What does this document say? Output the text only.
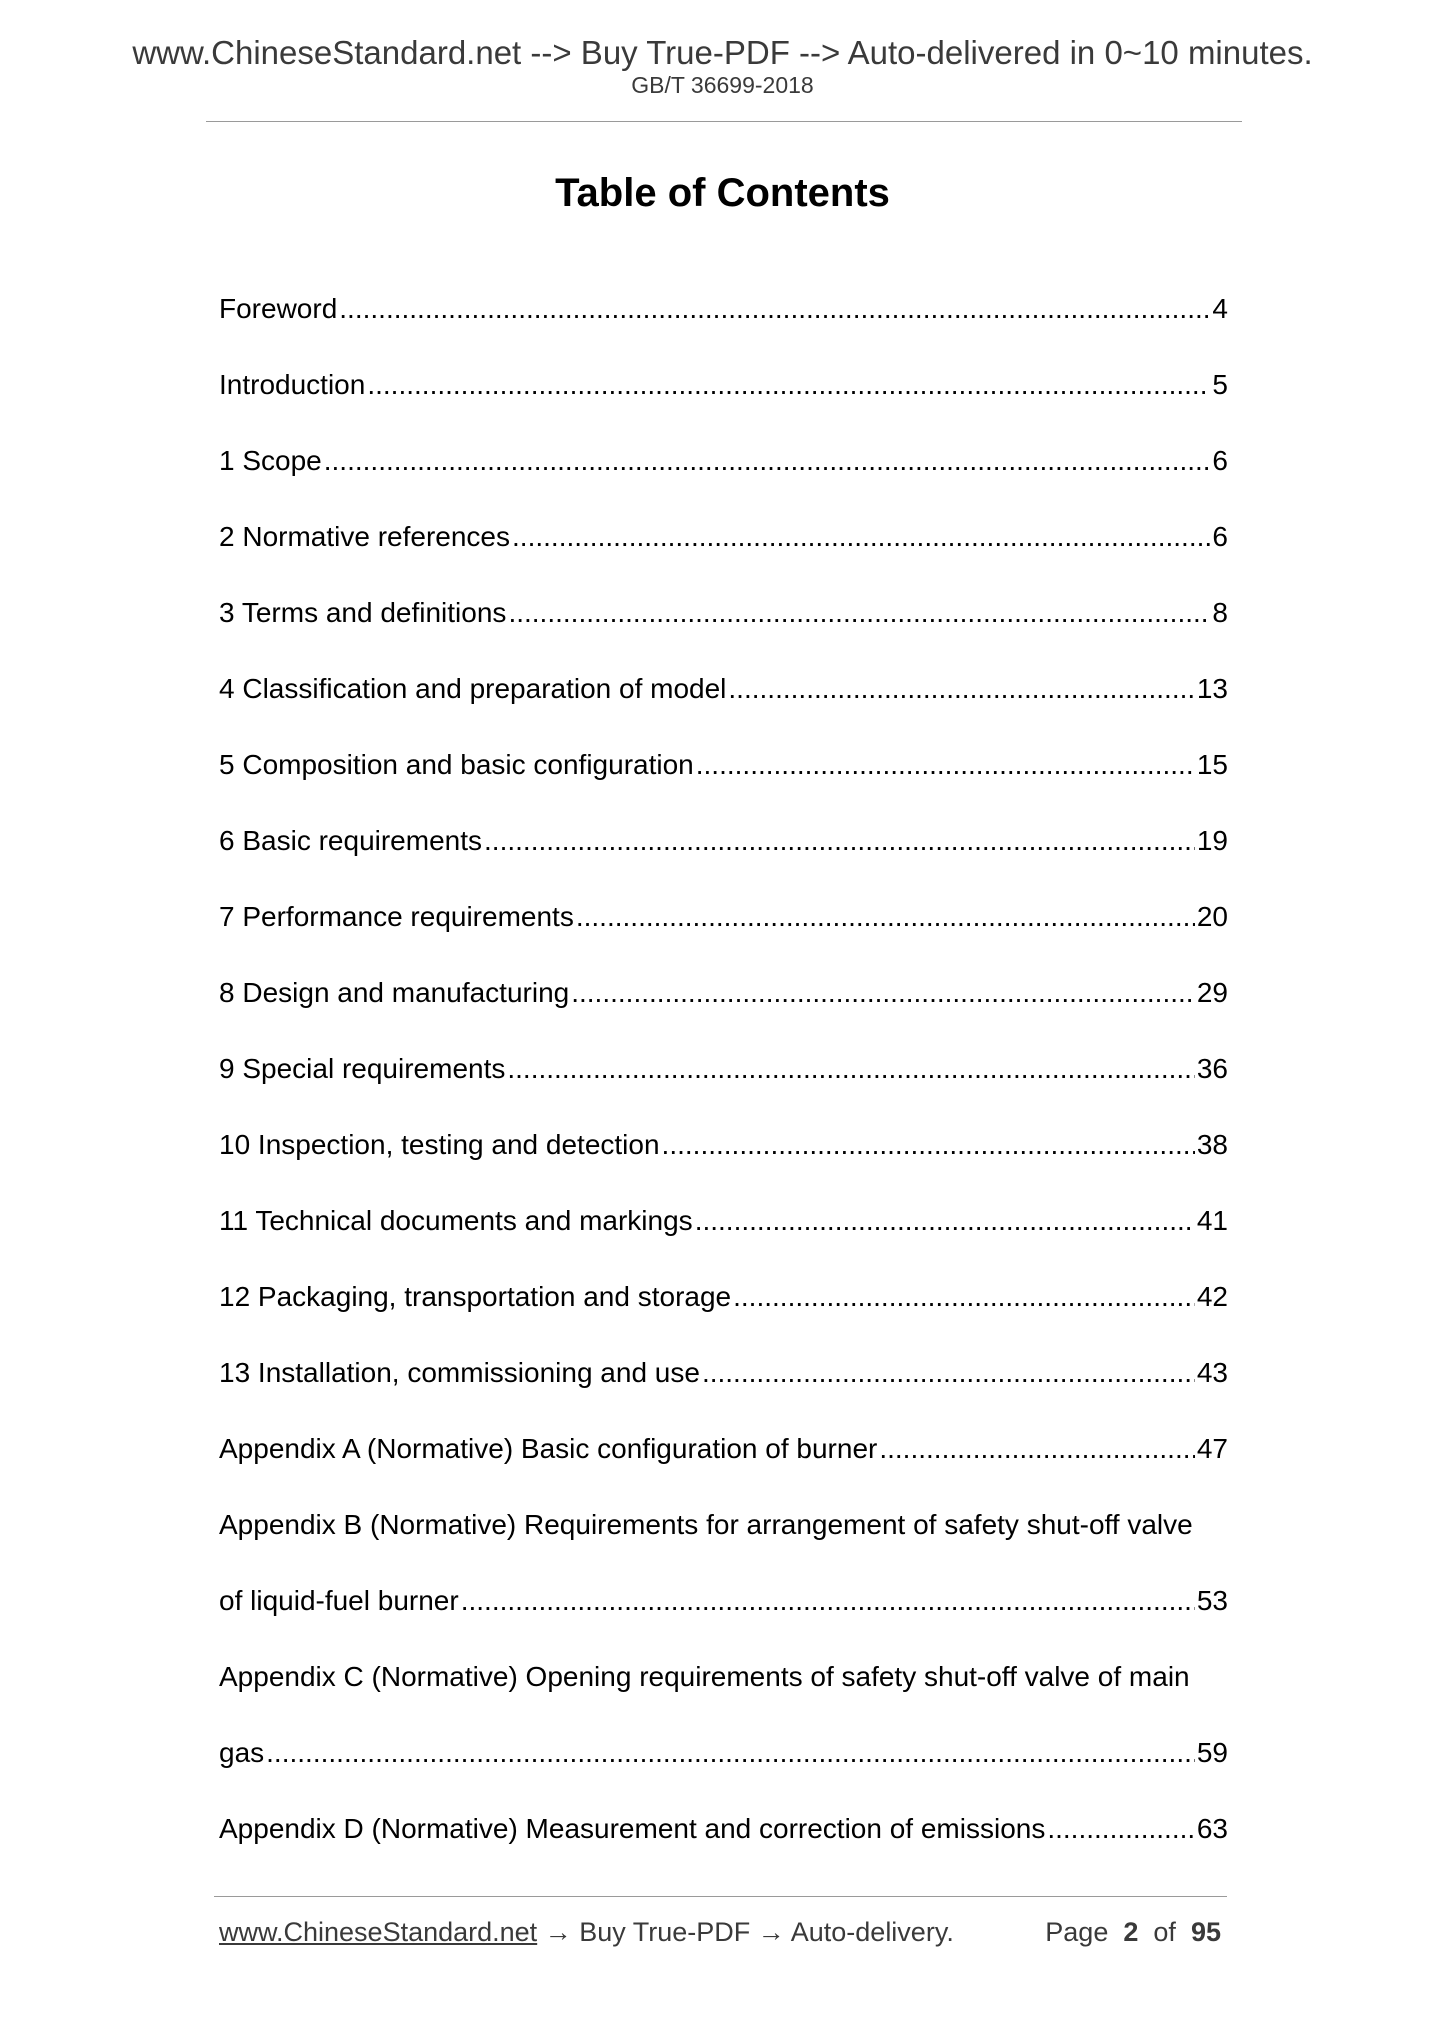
www.ChineseStandard.net --> Buy True-PDF --> Auto-delivered in 0~10 minutes.
GB/T 36699-2018
Table of Contents
Foreword .....	4
Introduction .....	5
1 Scope .....	6
2 Normative references .....	6
3 Terms and definitions .....	8
4 Classification and preparation of model .....	13
5 Composition and basic configuration .....	15
6 Basic requirements .....	19
7 Performance requirements .....	20
8 Design and manufacturing .....	29
9 Special requirements .....	36
10 Inspection, testing and detection .....	38
11 Technical documents and markings .....	41
12 Packaging, transportation and storage .....	42
13 Installation, commissioning and use .....	43
Appendix A (Normative) Basic configuration of burner .....	47
Appendix B (Normative) Requirements for arrangement of safety shut-off valve
of liquid-fuel burner .....	53
Appendix C (Normative) Opening requirements of safety shut-off valve of main
gas .....	59
Appendix D (Normative) Measurement and correction of emissions .....	63
www.ChineseStandard.net → Buy True-PDF → Auto-delivery.	Page 2 of 95
